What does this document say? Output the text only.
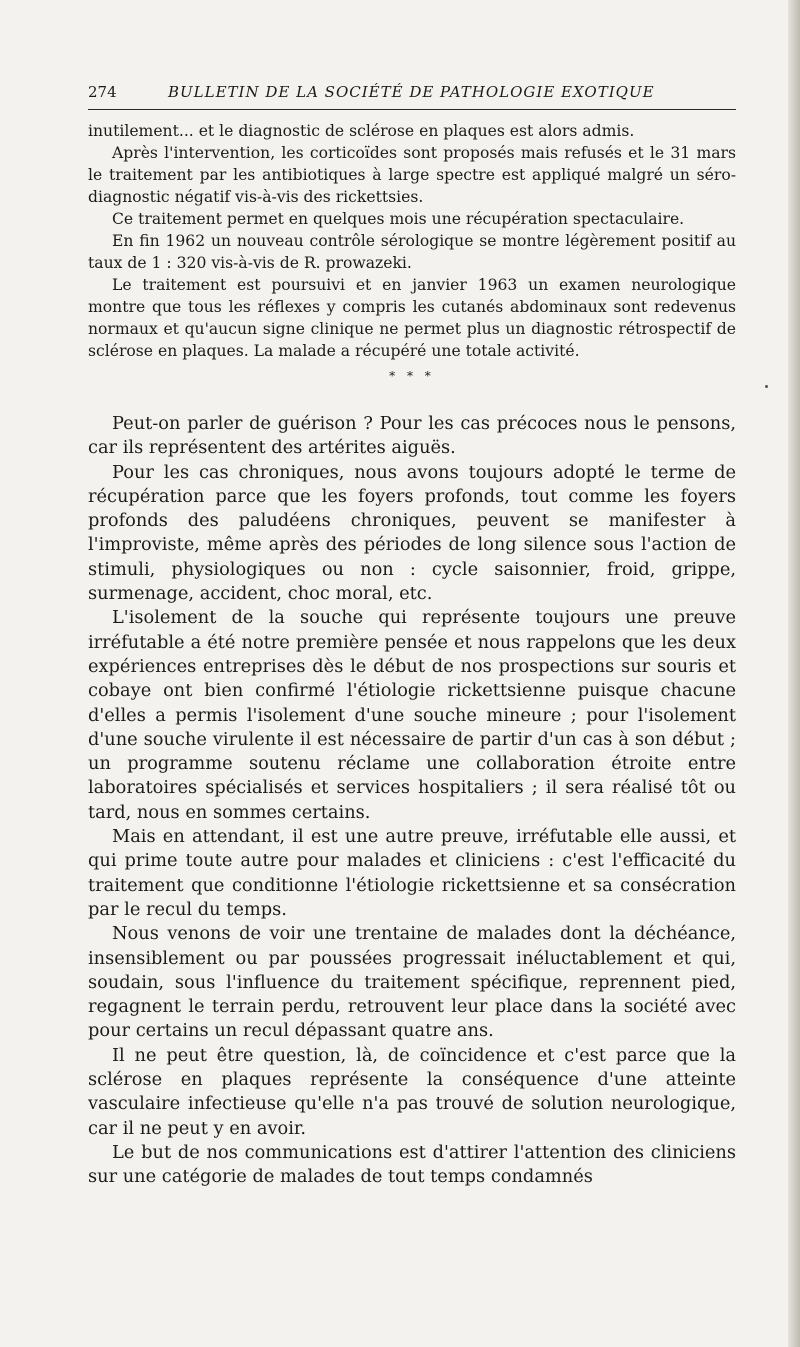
274	BULLETIN DE LA SOCIÉTÉ DE PATHOLOGIE EXOTIQUE

inutilement... et le diagnostic de sclérose en plaques est alors admis.

Après l'intervention, les corticoïdes sont proposés mais refusés et le 31 mars le traitement par les antibiotiques à large spectre est appliqué malgré un séro-diagnostic négatif vis-à-vis des rickettsies.

Ce traitement permet en quelques mois une récupération spectaculaire.

En fin 1962 un nouveau contrôle sérologique se montre légèrement positif au taux de 1 : 320 vis-à-vis de R. prowazeki.

Le traitement est poursuivi et en janvier 1963 un examen neurologique montre que tous les réflexes y compris les cutanés abdominaux sont redevenus normaux et qu'aucun signe clinique ne permet plus un diagnostic rétrospectif de sclérose en plaques. La malade a récupéré une totale activité.

* * *

Peut-on parler de guérison ? Pour les cas précoces nous le pensons, car ils représentent des artérites aiguës.

Pour les cas chroniques, nous avons toujours adopté le terme de récupération parce que les foyers profonds, tout comme les foyers profonds des paludéens chroniques, peuvent se manifester à l'improviste, même après des périodes de long silence sous l'action de stimuli, physiologiques ou non : cycle saisonnier, froid, grippe, surmenage, accident, choc moral, etc.

L'isolement de la souche qui représente toujours une preuve irréfutable a été notre première pensée et nous rappelons que les deux expériences entreprises dès le début de nos prospections sur souris et cobaye ont bien confirmé l'étiologie rickettsienne puisque chacune d'elles a permis l'isolement d'une souche mineure ; pour l'isolement d'une souche virulente il est nécessaire de partir d'un cas à son début ; un programme soutenu réclame une collaboration étroite entre laboratoires spécialisés et services hospitaliers ; il sera réalisé tôt ou tard, nous en sommes certains.

Mais en attendant, il est une autre preuve, irréfutable elle aussi, et qui prime toute autre pour malades et cliniciens : c'est l'efficacité du traitement que conditionne l'étiologie rickettsienne et sa consécration par le recul du temps.

Nous venons de voir une trentaine de malades dont la déchéance, insensiblement ou par poussées progressait inéluctablement et qui, soudain, sous l'influence du traitement spécifique, reprennent pied, regagnent le terrain perdu, retrouvent leur place dans la société avec pour certains un recul dépassant quatre ans.

Il ne peut être question, là, de coïncidence et c'est parce que la sclérose en plaques représente la conséquence d'une atteinte vasculaire infectieuse qu'elle n'a pas trouvé de solution neurologique, car il ne peut y en avoir.

Le but de nos communications est d'attirer l'attention des cliniciens sur une catégorie de malades de tout temps condamnés
